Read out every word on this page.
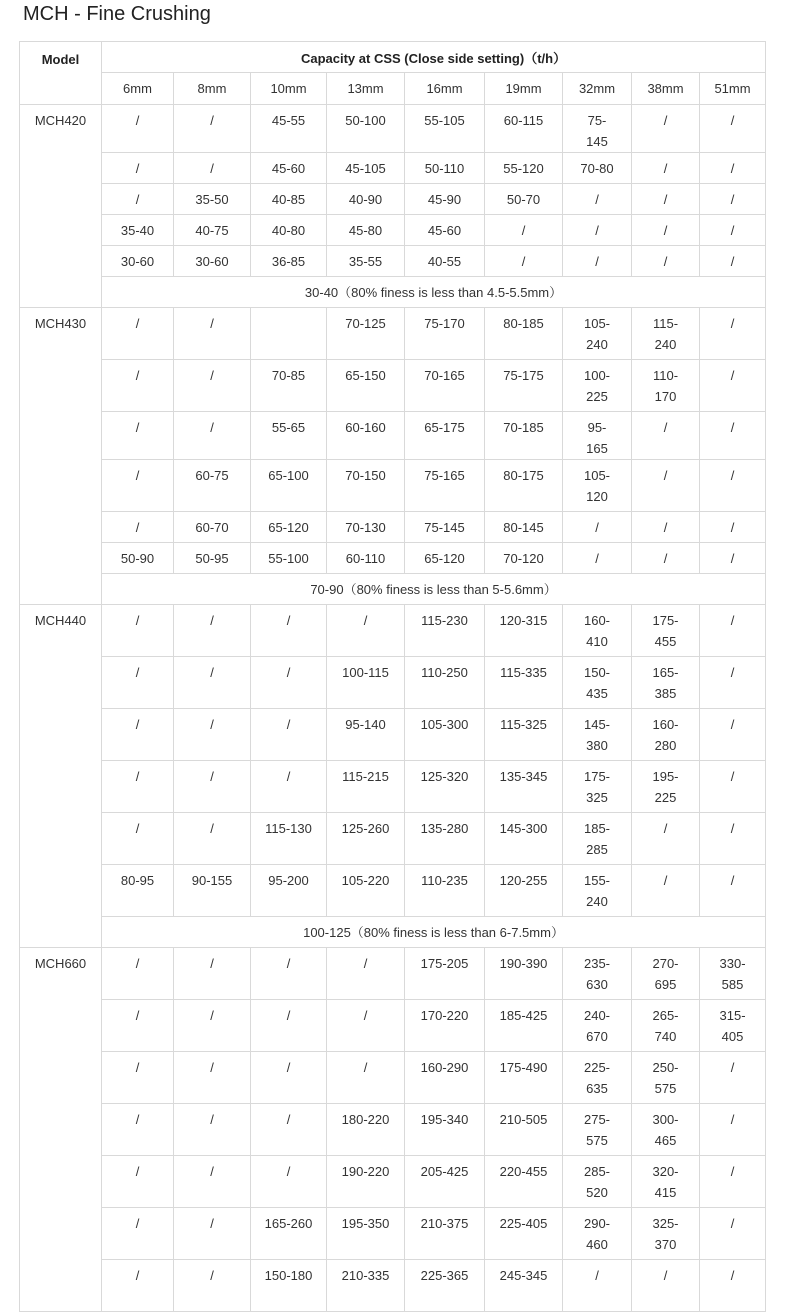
MCH - Fine Crushing
Model	Capacity at CSS (Close side setting)（t/h）								
	6mm	8mm	10mm	13mm	16mm	19mm	32mm	38mm	51mm
MCH420	/	/	45-55	50-100	55-105	60-115	75-145	/	/
	/	/	45-60	45-105	50-110	55-120	70-80	/	/
	/	35-50	40-85	40-90	45-90	50-70	/	/	/
	35-40	40-75	40-80	45-80	45-60	/	/	/	/
	30-60	30-60	36-85	35-55	40-55	/	/	/	/
	30-40（80% finess is less than 4.5-5.5mm）								
MCH430	/	/		70-125	75-170	80-185	105-240	115-240	/
	/	/	70-85	65-150	70-165	75-175	100-225	110-170	/
	/	/	55-65	60-160	65-175	70-185	95-165	/	/
	/	60-75	65-100	70-150	75-165	80-175	105-120	/	/
	/	60-70	65-120	70-130	75-145	80-145	/	/	/
	50-90	50-95	55-100	60-110	65-120	70-120	/	/	/
	70-90（80% finess is less than 5-5.6mm）								
MCH440	/	/	/	/	115-230	120-315	160-410	175-455	/
	/	/	/	100-115	110-250	115-335	150-435	165-385	/
	/	/	/	95-140	105-300	115-325	145-380	160-280	/
	/	/	/	115-215	125-320	135-345	175-325	195-225	/
	/	/	115-130	125-260	135-280	145-300	185-285	/	/
	80-95	90-155	95-200	105-220	110-235	120-255	155-240	/	/
	100-125（80% finess is less than 6-7.5mm）								
MCH660	/	/	/	/	175-205	190-390	235-630	270-695	330-585
	/	/	/	/	170-220	185-425	240-670	265-740	315-405
	/	/	/	/	160-290	175-490	225-635	250-575	/
	/	/	/	180-220	195-340	210-505	275-575	300-465	/
	/	/	/	190-220	205-425	220-455	285-520	320-415	/
	/	/	165-260	195-350	210-375	225-405	290-460	325-370	/
	/	/	150-180	210-335	225-365	245-345	/	/	/
